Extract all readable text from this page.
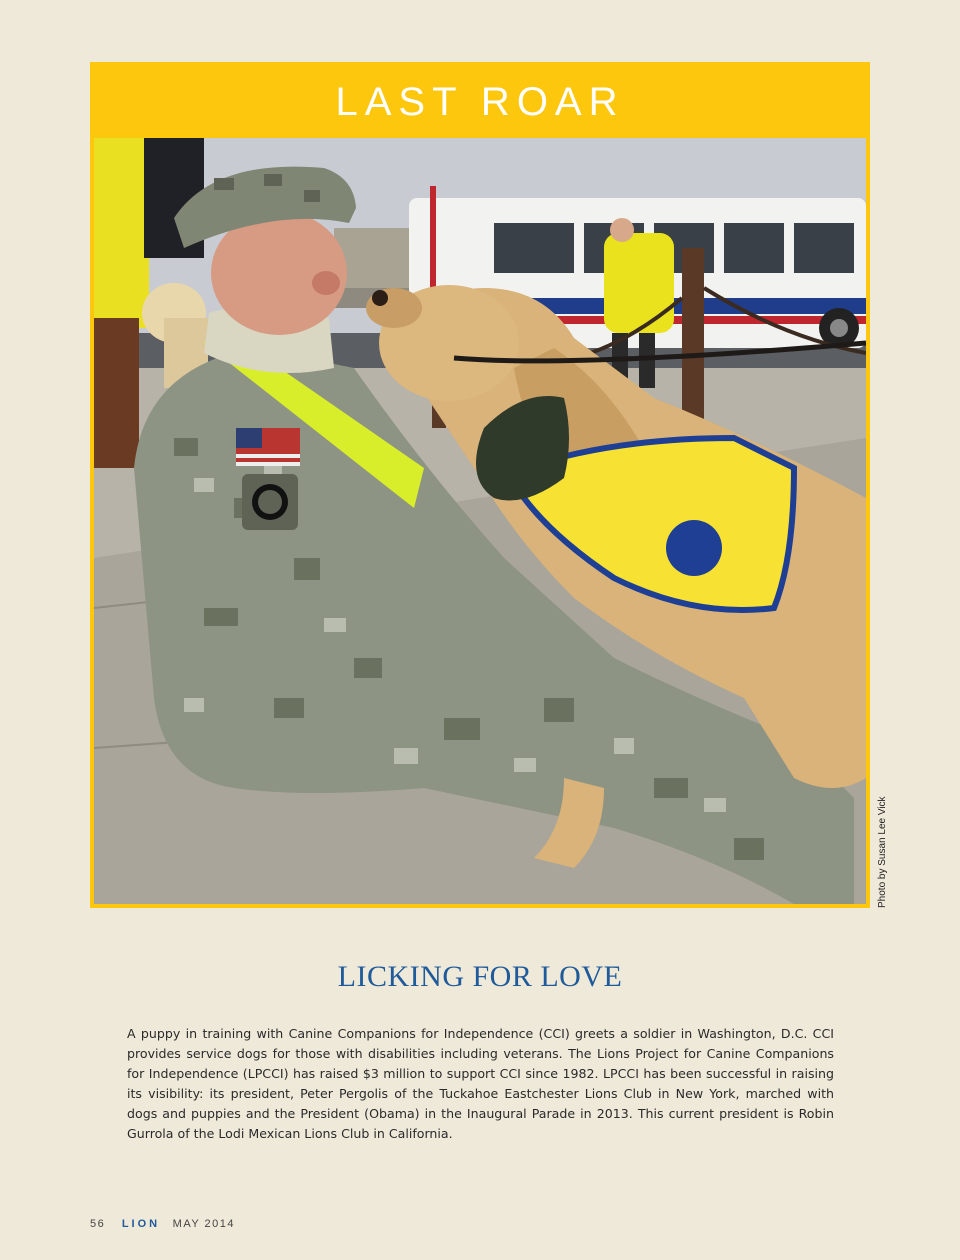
LAST ROAR
Photo by Susan Lee Vick
LICKING FOR LOVE

A puppy in training with Canine Companions for Independence (CCI) greets a soldier in Washington, D.C. CCI provides service dogs for those with disabilities including veterans. The Lions Project for Canine Companions for Independence (LPCCI) has raised $3 million to support CCI since 1982. LPCCI has been successful in raising its visibility: its president, Peter Pergolis of the Tuckahoe Eastchester Lions Club in New York, marched with dogs and puppies and the President (Obama) in the Inaugural Parade in 2013. This current president is Robin Gurrola of the Lodi Mexican Lions Club in California.

56 LION MAY 2014
